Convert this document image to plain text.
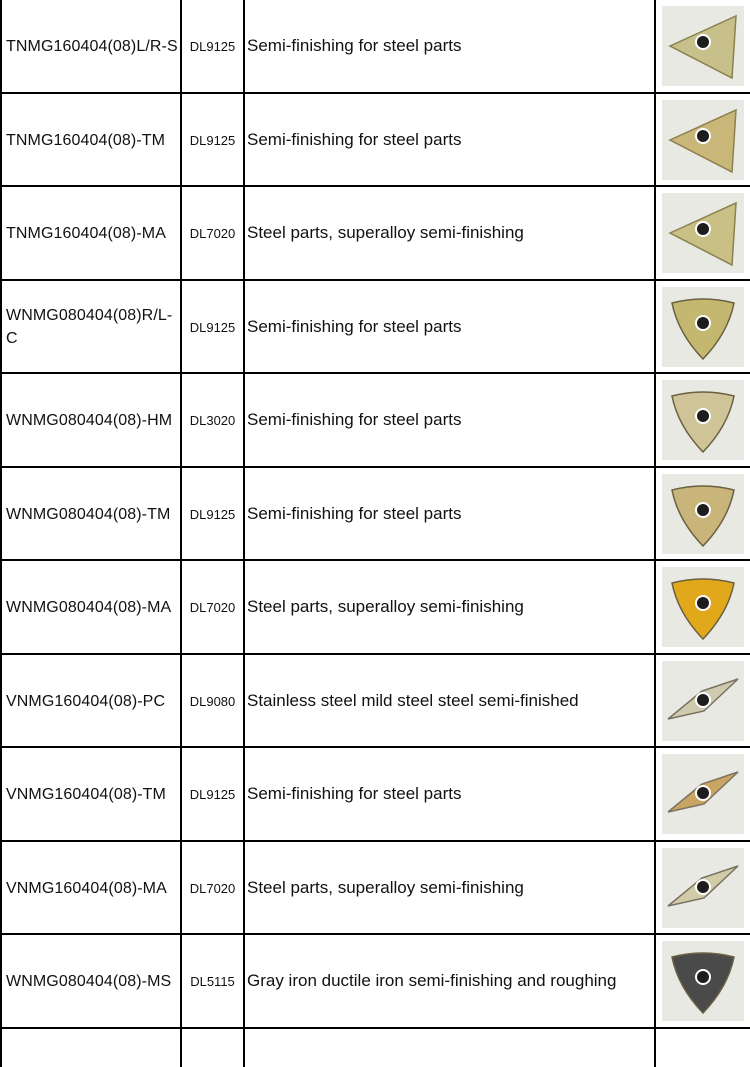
TNMG160404(08)L/R-S DL9125 Semi-finishing for steel parts
TNMG160404(08)-TM DL9125 Semi-finishing for steel parts
TNMG160404(08)-MA DL7020 Steel parts, superalloy semi-finishing
WNMG080404(08)R/L-C
DL9125 Semi-finishing for steel parts
WNMG080404(08)-HM DL3020 Semi-finishing for steel parts
WNMG080404(08)-TM DL9125 Semi-finishing for steel parts
WNMG080404(08)-MA DL7020 Steel parts, superalloy semi-finishing
VNMG160404(08)-PC DL9080 Stainless steel mild steel steel semi-finished
VNMG160404(08)-TM DL9125 Semi-finishing for steel parts
VNMG160404(08)-MA DL7020 Steel parts, superalloy semi-finishing
WNMG080404(08)-MS DL5115 Gray iron ductile iron semi-finishing and roughing
